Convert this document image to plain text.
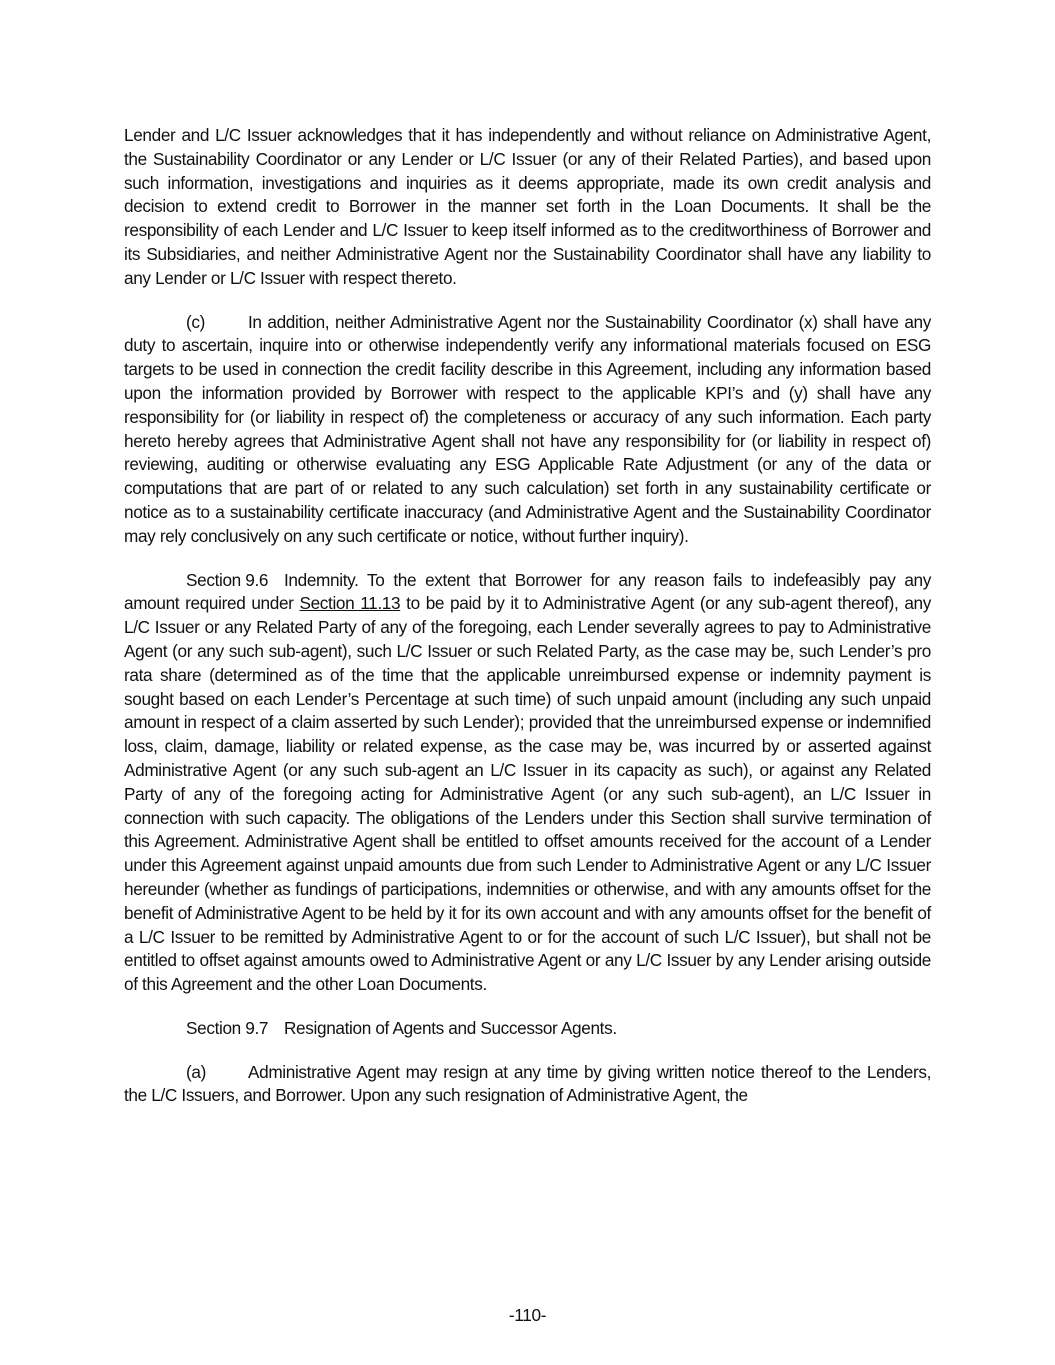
Lender and L/C Issuer acknowledges that it has independently and without reliance on Administrative Agent, the Sustainability Coordinator or any Lender or L/C Issuer (or any of their Related Parties), and based upon such information, investigations and inquiries as it deems appropriate, made its own credit analysis and decision to extend credit to Borrower in the manner set forth in the Loan Documents. It shall be the responsibility of each Lender and L/C Issuer to keep itself informed as to the creditworthiness of Borrower and its Subsidiaries, and neither Administrative Agent nor the Sustainability Coordinator shall have any liability to any Lender or L/C Issuer with respect thereto.

(c)	In addition, neither Administrative Agent nor the Sustainability Coordinator (x) shall have any duty to ascertain, inquire into or otherwise independently verify any informational materials focused on ESG targets to be used in connection the credit facility describe in this Agreement, including any information based upon the information provided by Borrower with respect to the applicable KPI’s and (y) shall have any responsibility for (or liability in respect of) the completeness or accuracy of any such information. Each party hereto hereby agrees that Administrative Agent shall not have any responsibility for (or liability in respect of) reviewing, auditing or otherwise evaluating any ESG Applicable Rate Adjustment (or any of the data or computations that are part of or related to any such calculation) set forth in any sustainability certificate or notice as to a sustainability certificate inaccuracy (and Administrative Agent and the Sustainability Coordinator may rely conclusively on any such certificate or notice, without further inquiry).

Section 9.6 Indemnity. To the extent that Borrower for any reason fails to indefeasibly pay any amount required under Section 11.13 to be paid by it to Administrative Agent (or any sub-agent thereof), any L/C Issuer or any Related Party of any of the foregoing, each Lender severally agrees to pay to Administrative Agent (or any such sub-agent), such L/C Issuer or such Related Party, as the case may be, such Lender’s pro rata share (determined as of the time that the applicable unreimbursed expense or indemnity payment is sought based on each Lender’s Percentage at such time) of such unpaid amount (including any such unpaid amount in respect of a claim asserted by such Lender); provided that the unreimbursed expense or indemnified loss, claim, damage, liability or related expense, as the case may be, was incurred by or asserted against Administrative Agent (or any such sub-agent an L/C Issuer in its capacity as such), or against any Related Party of any of the foregoing acting for Administrative Agent (or any such sub-agent), an L/C Issuer in connection with such capacity. The obligations of the Lenders under this Section shall survive termination of this Agreement. Administrative Agent shall be entitled to offset amounts received for the account of a Lender under this Agreement against unpaid amounts due from such Lender to Administrative Agent or any L/C Issuer hereunder (whether as fundings of participations, indemnities or otherwise, and with any amounts offset for the benefit of Administrative Agent to be held by it for its own account and with any amounts offset for the benefit of a L/C Issuer to be remitted by Administrative Agent to or for the account of such L/C Issuer), but shall not be entitled to offset against amounts owed to Administrative Agent or any L/C Issuer by any Lender arising outside of this Agreement and the other Loan Documents.

Section 9.7 Resignation of Agents and Successor Agents.

(a) Administrative Agent may resign at any time by giving written notice thereof to the Lenders, the L/C Issuers, and Borrower. Upon any such resignation of Administrative Agent, the

-110-
